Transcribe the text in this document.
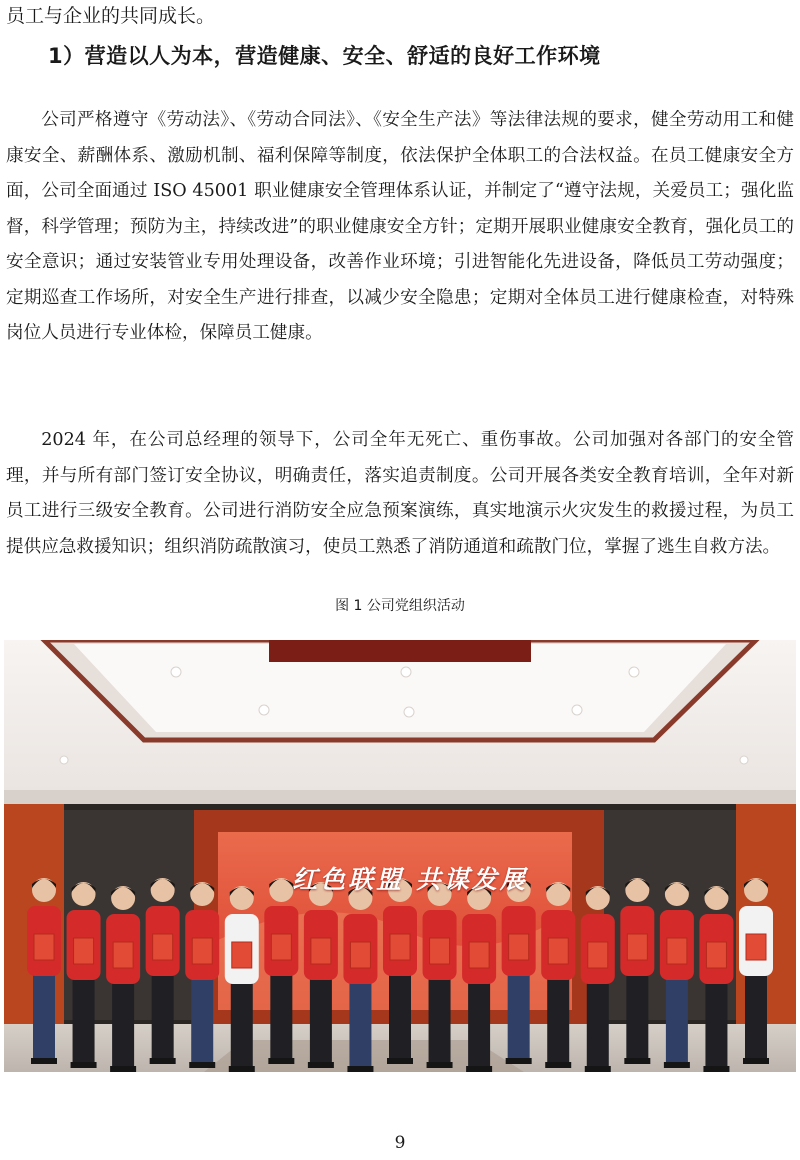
员工与企业的共同成长。
1）营造以人为本，营造健康、安全、舒适的良好工作环境

公司严格遵守《劳动法》、《劳动合同法》、《安全生产法》等法律法规的要求，健全劳动用工和健康安全、薪酬体系、激励机制、福利保障等制度，依法保护全体职工的合法权益。在员工健康安全方面，公司全面通过 ISO 45001 职业健康安全管理体系认证，并制定了“遵守法规，关爱员工；强化监督，科学管理；预防为主，持续改进”的职业健康安全方针；定期开展职业健康安全教育，强化员工的安全意识；通过安装管业专用处理设备，改善作业环境；引进智能化先进设备，降低员工劳动强度；定期巡查工作场所，对安全生产进行排查，以减少安全隐患；定期对全体员工进行健康检查，对特殊岗位人员进行专业体检，保障员工健康。

2024 年，在公司总经理的领导下，公司全年无死亡、重伤事故。公司加强对各部门的安全管理，并与所有部门签订安全协议，明确责任，落实追责制度。公司开展各类安全教育培训，全年对新员工进行三级安全教育。公司进行消防安全应急预案演练，真实地演示火灾发生的救援过程，为员工提供应急救援知识；组织消防疏散演习，使员工熟悉了消防通道和疏散门位，掌握了逃生自救方法。

图 1 公司党组织活动
红色联盟 共谋发展
9
